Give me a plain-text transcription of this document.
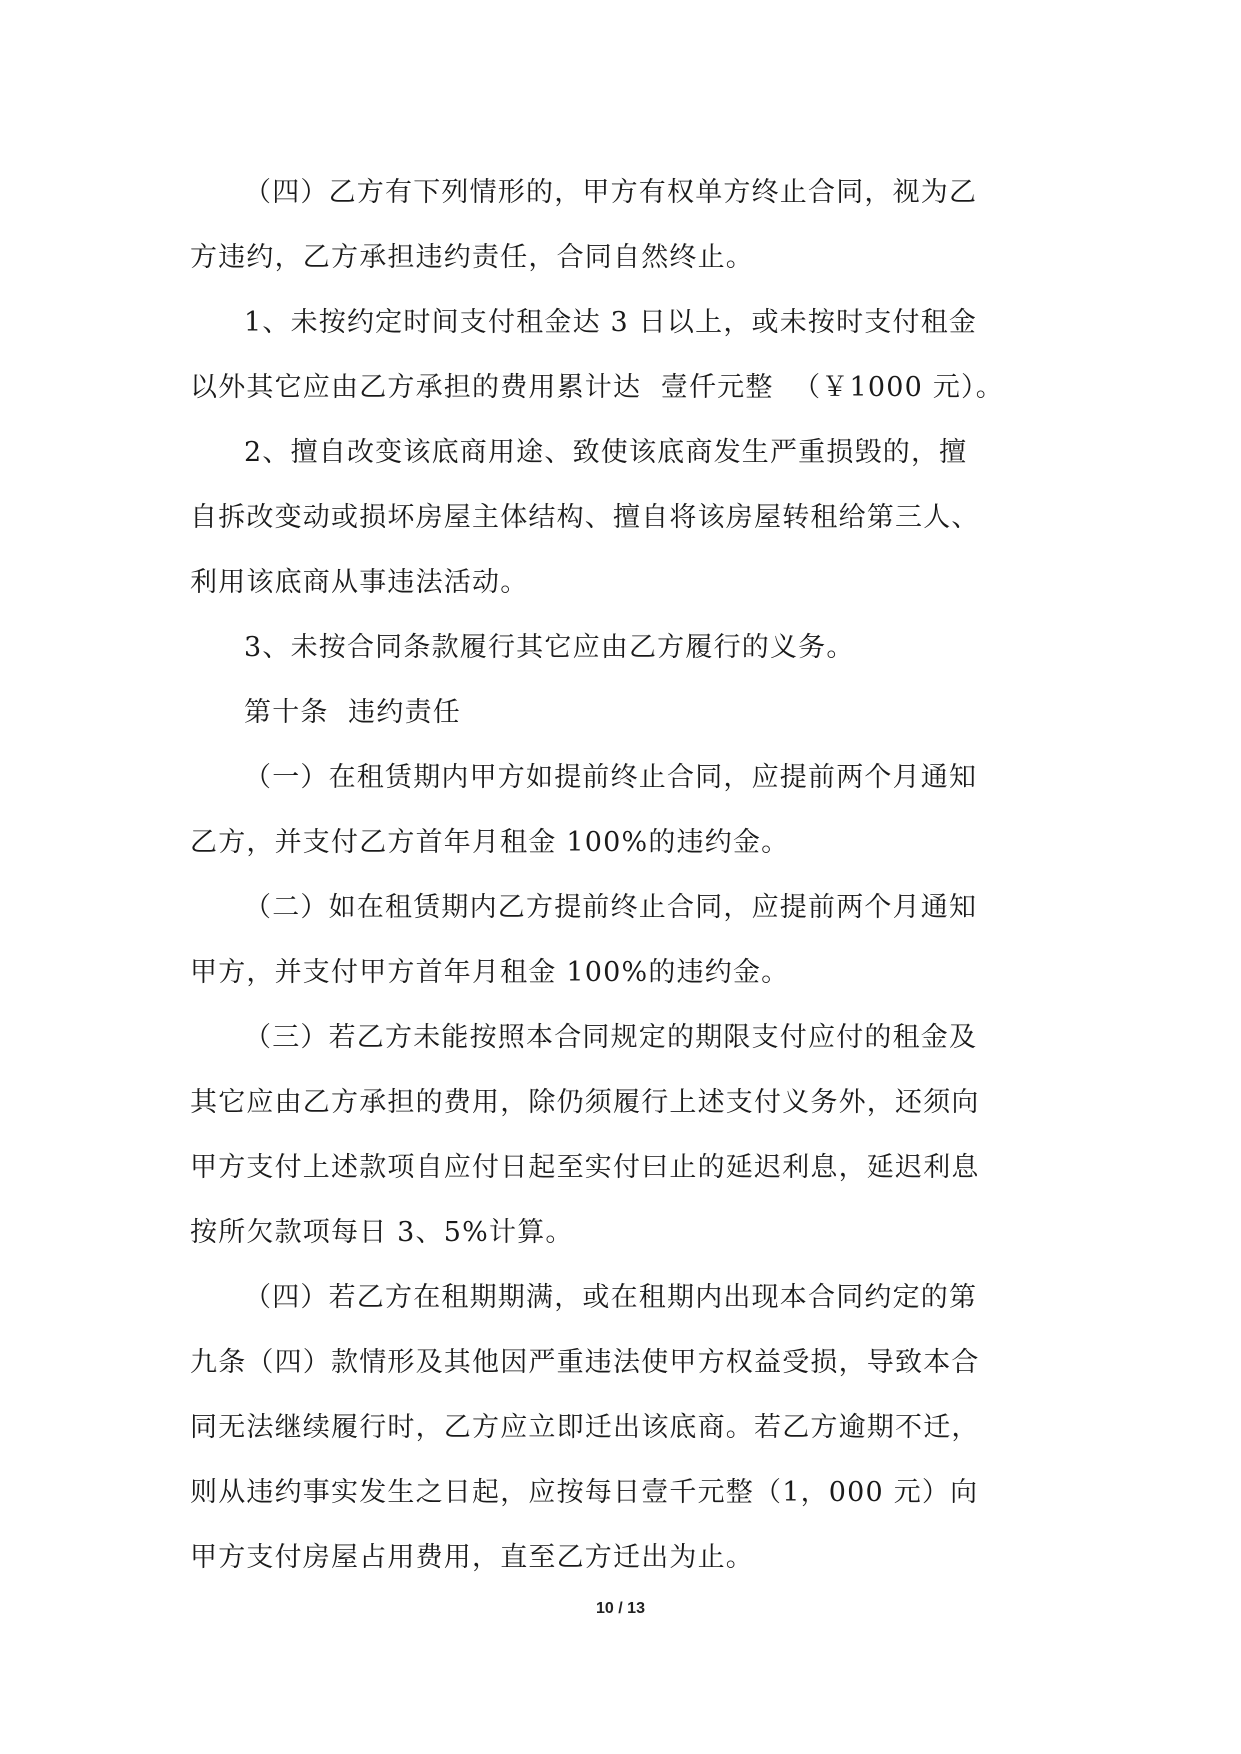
（四）乙方有下列情形的，甲方有权单方终止合同，视为乙
方违约，乙方承担违约责任，合同自然终止。
1、未按约定时间支付租金达 3 日以上，或未按时支付租金
以外其它应由乙方承担的费用累计达  壹仟元整  （￥1000 元）。
2、擅自改变该底商用途、致使该底商发生严重损毁的，擅
自拆改变动或损坏房屋主体结构、擅自将该房屋转租给第三人、
利用该底商从事违法活动。
3、未按合同条款履行其它应由乙方履行的义务。
第十条  违约责任
（一）在租赁期内甲方如提前终止合同，应提前两个月通知
乙方，并支付乙方首年月租金 100%的违约金。
（二）如在租赁期内乙方提前终止合同，应提前两个月通知
甲方，并支付甲方首年月租金 100%的违约金。
（三）若乙方未能按照本合同规定的期限支付应付的租金及
其它应由乙方承担的费用，除仍须履行上述支付义务外，还须向
甲方支付上述款项自应付日起至实付曰止的延迟利息，延迟利息
按所欠款项每日 3、5%计算。
（四）若乙方在租期期满，或在租期内出现本合同约定的第
九条（四）款情形及其他因严重违法使甲方权益受损，导致本合
同无法继续履行时，乙方应立即迁出该底商。若乙方逾期不迁，
则从违约事实发生之日起，应按每日壹千元整（1，000 元）向
甲方支付房屋占用费用，直至乙方迁出为止。
10 / 13
